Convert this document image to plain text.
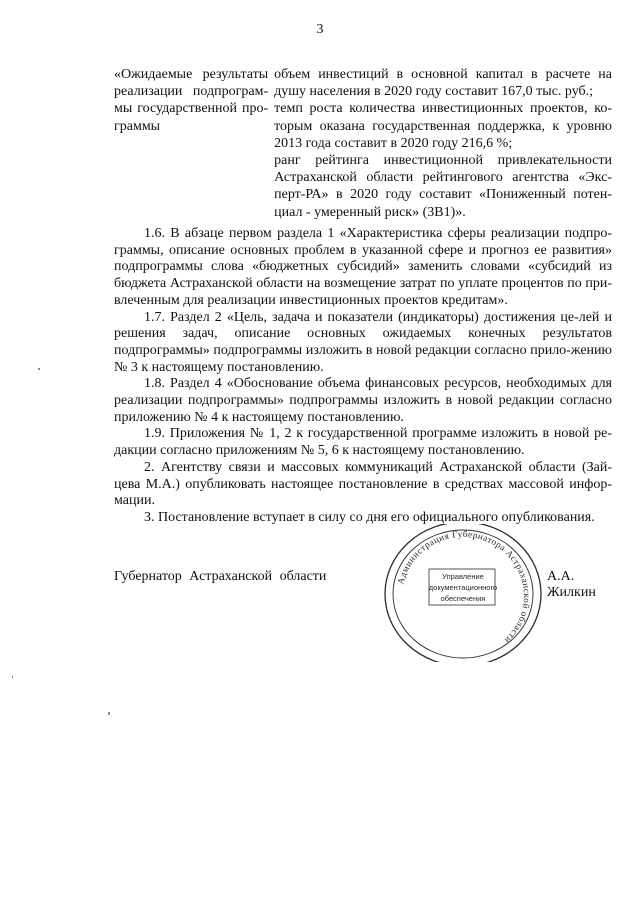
3

«Ожидаемые результаты реализации подпрограм-мы государственной про-граммы

объем инвестиций в основной капитал в расчете на душу населения в 2020 году составит 167,0 тыс. руб.;

темп роста количества инвестиционных проектов, ко-торым оказана государственная поддержка, к уровню 2013 года составит в 2020 году 216,6 %;

ранг рейтинга инвестиционной привлекательности Астраханской области рейтингового агентства «Экс-перт-РА» в 2020 году составит «Пониженный потен-циал - умеренный риск» (3В1)».

1.6. В абзаце первом раздела 1 «Характеристика сферы реализации подпро-граммы, описание основных проблем в указанной сфере и прогноз ее развития» подпрограммы слова «бюджетных субсидий» заменить словами «субсидий из бюджета Астраханской области на возмещение затрат по уплате процентов по при-влеченным для реализации инвестиционных проектов кредитам».

1.7. Раздел 2 «Цель, задача и показатели (индикаторы) достижения це-лей и решения задач, описание основных ожидаемых конечных результатов подпрограммы» подпрограммы изложить в новой редакции согласно прило-жению № 3 к настоящему постановлению.

1.8. Раздел 4 «Обоснование объема финансовых ресурсов, необходимых для реализации подпрограммы» подпрограммы изложить в новой редакции согласно приложению № 4 к настоящему постановлению.

1.9. Приложения № 1, 2 к государственной программе изложить в новой ре-дакции согласно приложениям № 5, 6 к настоящему постановлению.

2. Агентству связи и массовых коммуникаций Астраханской области (Зай-цева М.А.) опубликовать настоящее постановление в средствах массовой инфор-мации.

3. Постановление вступает в силу со дня его официального опубликования.

Администрация Губернатора Астраханской области
Управление
документационного
обеспечения
Губернатор Астраханской области	А.А. Жилкин
